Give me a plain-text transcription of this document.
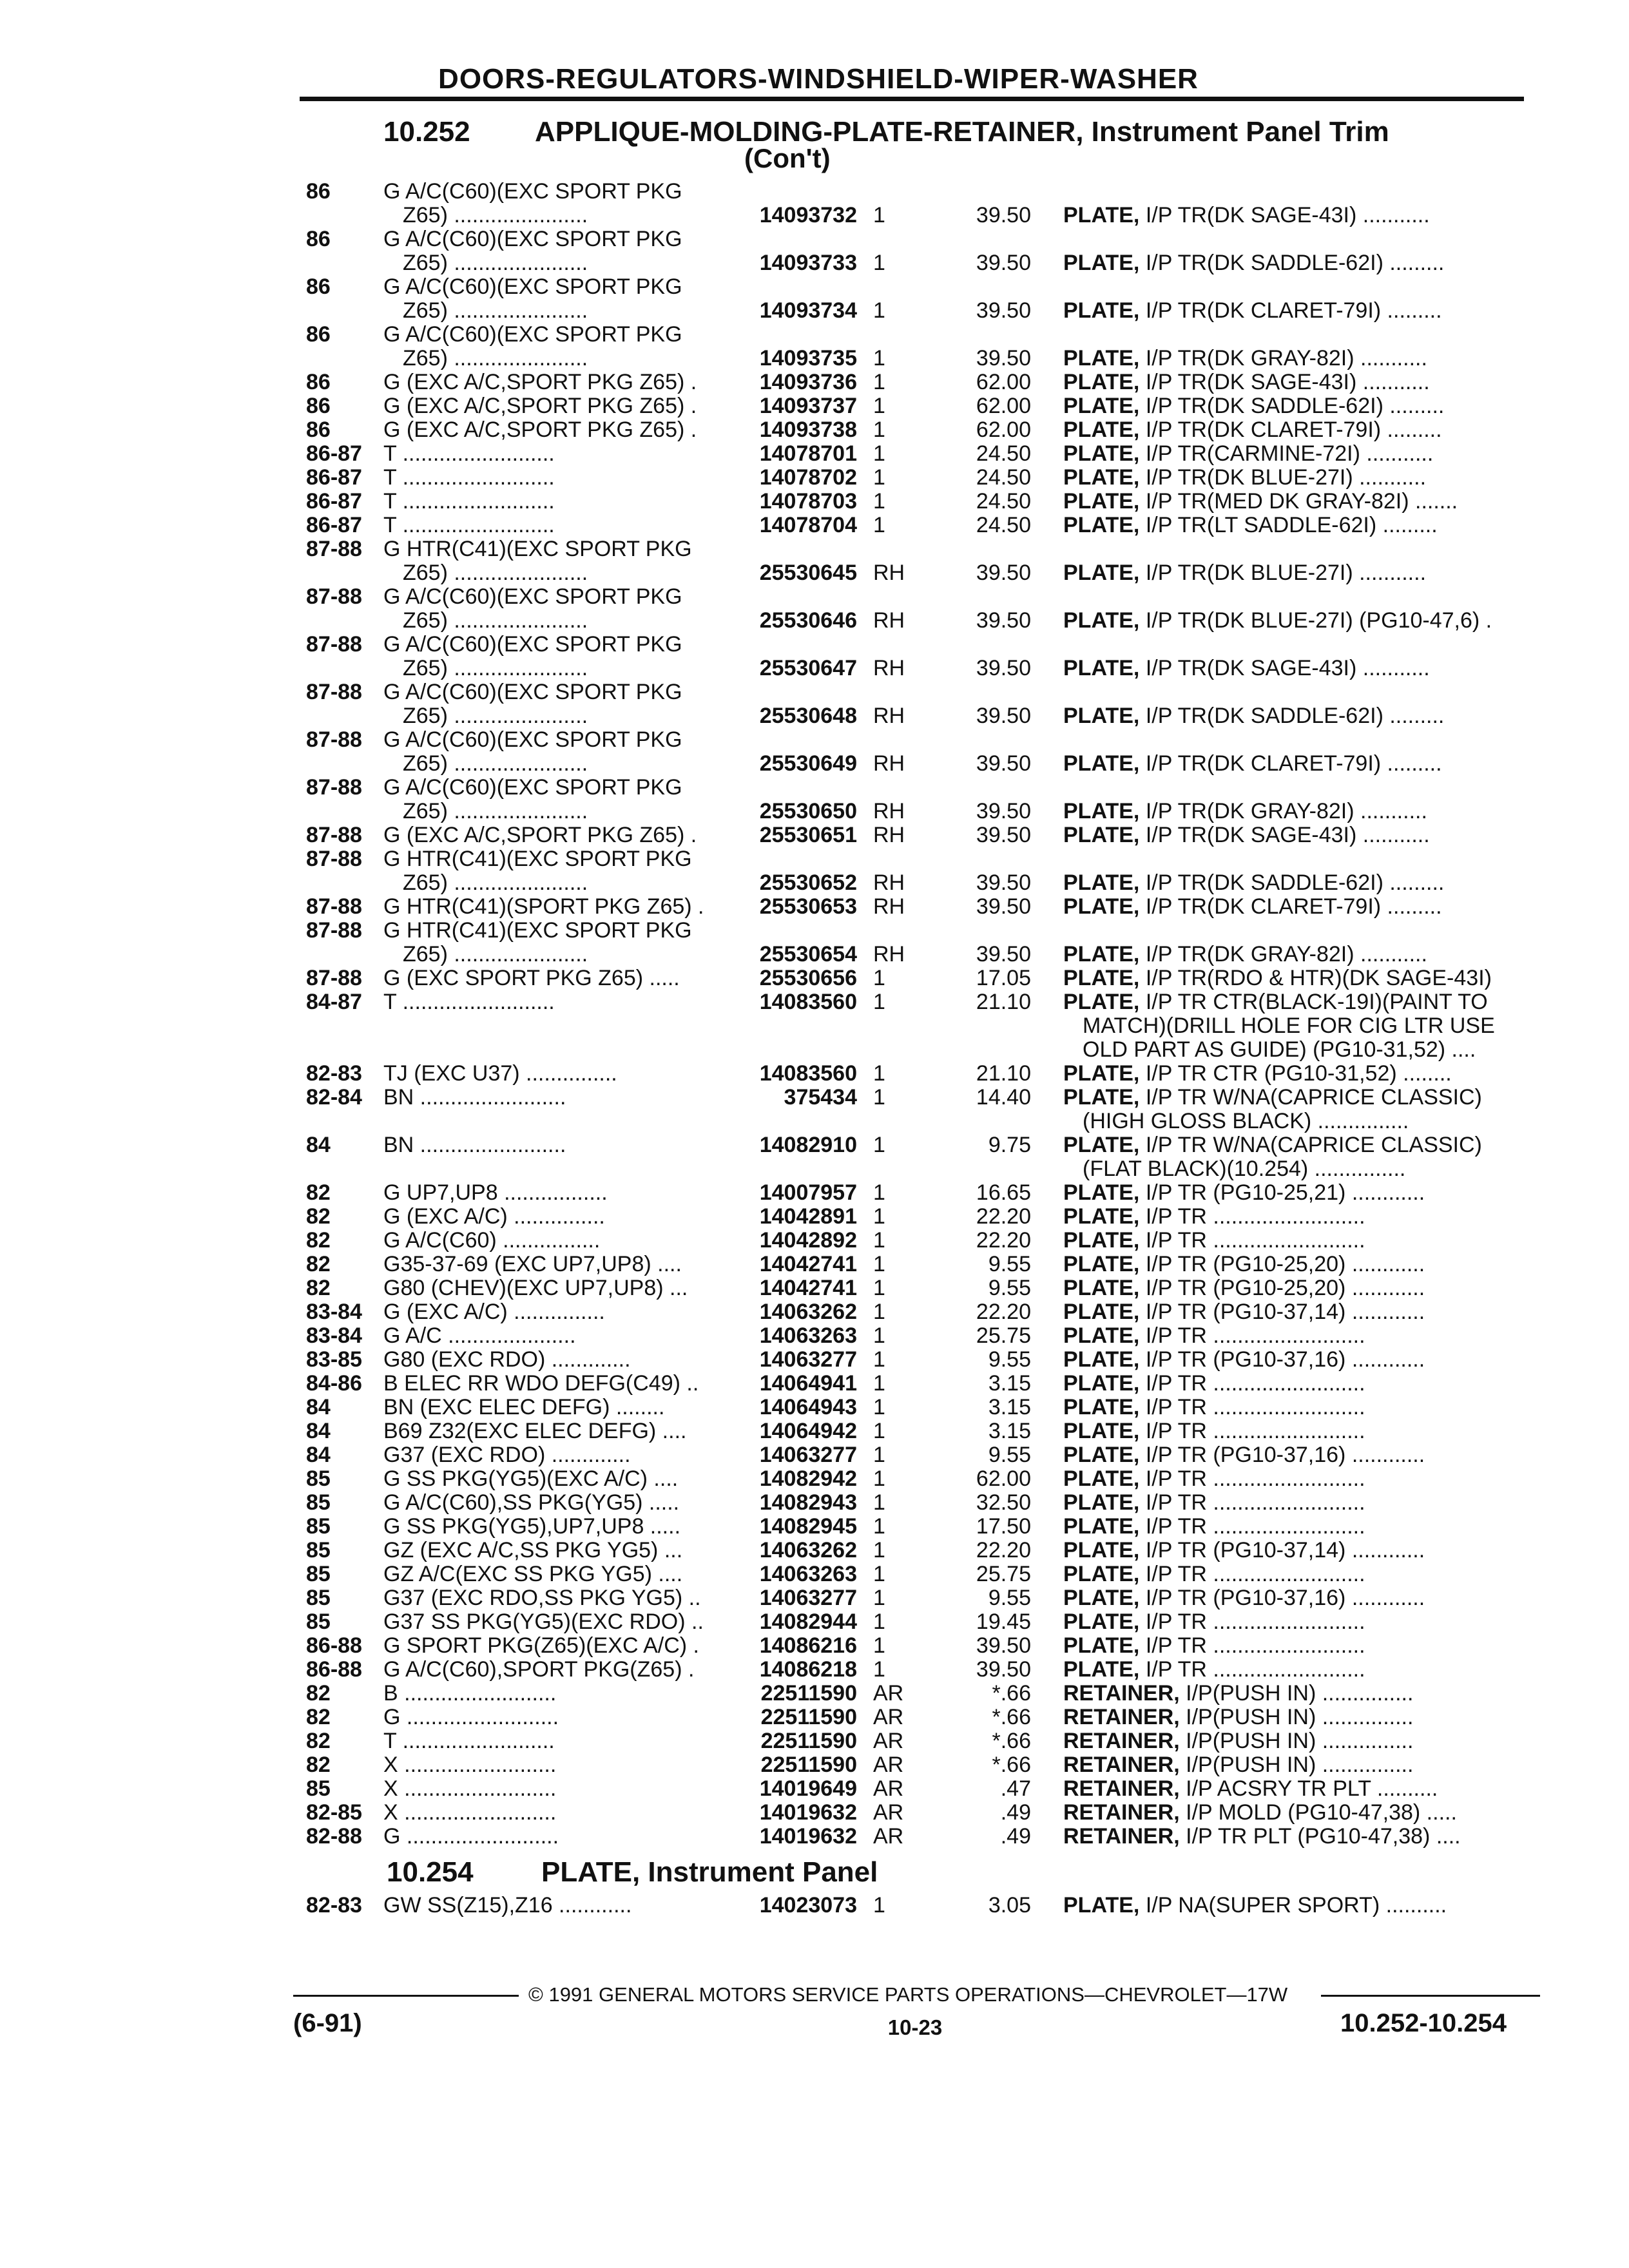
DOORS-REGULATORS-WINDSHIELD-WIPER-WASHER
10.252 APPLIQUE-MOLDING-PLATE-RETAINER, Instrument Panel Trim
(Con't)
86 G A/C(C60)(EXC SPORT PKG
Z65) ......................	14093732 1	39.50 PLATE, I/P TR(DK SAGE-43I) ...........
86 G A/C(C60)(EXC SPORT PKG
Z65) ......................	14093733 1	39.50 PLATE, I/P TR(DK SADDLE-62I) .........
86 G A/C(C60)(EXC SPORT PKG
Z65) ......................	14093734 1	39.50 PLATE, I/P TR(DK CLARET-79I) .........
86 G A/C(C60)(EXC SPORT PKG
Z65) ......................	14093735 1	39.50 PLATE, I/P TR(DK GRAY-82I) ...........
86 G (EXC A/C,SPORT PKG Z65) .	14093736 1	62.00 PLATE, I/P TR(DK SAGE-43I) ...........
86 G (EXC A/C,SPORT PKG Z65) .	14093737 1	62.00 PLATE, I/P TR(DK SADDLE-62I) .........
86 G (EXC A/C,SPORT PKG Z65) .	14093738 1	62.00 PLATE, I/P TR(DK CLARET-79I) .........
86-87 T .........................	14078701 1	24.50 PLATE, I/P TR(CARMINE-72I) ...........
86-87 T .........................	14078702 1	24.50 PLATE, I/P TR(DK BLUE-27I) ...........
86-87 T .........................	14078703 1	24.50 PLATE, I/P TR(MED DK GRAY-82I) .......
86-87 T .........................	14078704 1	24.50 PLATE, I/P TR(LT SADDLE-62I) .........
87-88 G HTR(C41)(EXC SPORT PKG
Z65) ......................	25530645 RH	39.50 PLATE, I/P TR(DK BLUE-27I) ...........
87-88 G A/C(C60)(EXC SPORT PKG
Z65) ......................	25530646 RH	39.50 PLATE, I/P TR(DK BLUE-27I) (PG10-47,6) .
87-88 G A/C(C60)(EXC SPORT PKG
Z65) ......................	25530647 RH	39.50 PLATE, I/P TR(DK SAGE-43I) ...........
87-88 G A/C(C60)(EXC SPORT PKG
Z65) ......................	25530648 RH	39.50 PLATE, I/P TR(DK SADDLE-62I) .........
87-88 G A/C(C60)(EXC SPORT PKG
Z65) ......................	25530649 RH	39.50 PLATE, I/P TR(DK CLARET-79I) .........
87-88 G A/C(C60)(EXC SPORT PKG
Z65) ......................	25530650 RH	39.50 PLATE, I/P TR(DK GRAY-82I) ...........
87-88 G (EXC A/C,SPORT PKG Z65) .	25530651 RH	39.50 PLATE, I/P TR(DK SAGE-43I) ...........
87-88 G HTR(C41)(EXC SPORT PKG
Z65) ......................	25530652 RH	39.50 PLATE, I/P TR(DK SADDLE-62I) .........
87-88 G HTR(C41)(SPORT PKG Z65) .	25530653 RH	39.50 PLATE, I/P TR(DK CLARET-79I) .........
87-88 G HTR(C41)(EXC SPORT PKG
Z65) ......................	25530654 RH	39.50 PLATE, I/P TR(DK GRAY-82I) ...........
87-88 G (EXC SPORT PKG Z65) .....	25530656 1	17.05 PLATE, I/P TR(RDO & HTR)(DK SAGE-43I)
84-87 T .........................	14083560 1	21.10 PLATE, I/P TR CTR(BLACK-19I)(PAINT TO
MATCH)(DRILL HOLE FOR CIG LTR USE
OLD PART AS GUIDE) (PG10-31,52) ....
82-83 TJ (EXC U37) ...............	14083560 1	21.10 PLATE, I/P TR CTR (PG10-31,52) ........
82-84 BN ........................	375434 1	14.40 PLATE, I/P TR W/NA(CAPRICE CLASSIC)
(HIGH GLOSS BLACK) ...............
84 BN ........................	14082910 1	9.75 PLATE, I/P TR W/NA(CAPRICE CLASSIC)
(FLAT BLACK)(10.254) ...............
82 G UP7,UP8 .................	14007957 1	16.65 PLATE, I/P TR (PG10-25,21) ............
82 G (EXC A/C) ...............	14042891 1	22.20 PLATE, I/P TR .........................
82 G A/C(C60) ................	14042892 1	22.20 PLATE, I/P TR .........................
82 G35-37-69 (EXC UP7,UP8) ....	14042741 1	9.55 PLATE, I/P TR (PG10-25,20) ............
82 G80 (CHEV)(EXC UP7,UP8) ...	14042741 1	9.55 PLATE, I/P TR (PG10-25,20) ............
83-84 G (EXC A/C) ...............	14063262 1	22.20 PLATE, I/P TR (PG10-37,14) ............
83-84 G A/C .....................	14063263 1	25.75 PLATE, I/P TR .........................
83-85 G80 (EXC RDO) .............	14063277 1	9.55 PLATE, I/P TR (PG10-37,16) ............
84-86 B ELEC RR WDO DEFG(C49) ..	14064941 1	3.15 PLATE, I/P TR .........................
84 BN (EXC ELEC DEFG) ........	14064943 1	3.15 PLATE, I/P TR .........................
84 B69 Z32(EXC ELEC DEFG) ....	14064942 1	3.15 PLATE, I/P TR .........................
84 G37 (EXC RDO) .............	14063277 1	9.55 PLATE, I/P TR (PG10-37,16) ............
85 G SS PKG(YG5)(EXC A/C) ....	14082942 1	62.00 PLATE, I/P TR .........................
85 G A/C(C60),SS PKG(YG5) .....	14082943 1	32.50 PLATE, I/P TR .........................
85 G SS PKG(YG5),UP7,UP8 .....	14082945 1	17.50 PLATE, I/P TR .........................
85 GZ (EXC A/C,SS PKG YG5) ...	14063262 1	22.20 PLATE, I/P TR (PG10-37,14) ............
85 GZ A/C(EXC SS PKG YG5) ....	14063263 1	25.75 PLATE, I/P TR .........................
85 G37 (EXC RDO,SS PKG YG5) ..	14063277 1	9.55 PLATE, I/P TR (PG10-37,16) ............
85 G37 SS PKG(YG5)(EXC RDO) ..	14082944 1	19.45 PLATE, I/P TR .........................
86-88 G SPORT PKG(Z65)(EXC A/C) .	14086216 1	39.50 PLATE, I/P TR .........................
86-88 G A/C(C60),SPORT PKG(Z65) .	14086218 1	39.50 PLATE, I/P TR .........................
82 B .........................	22511590 AR	*.66 RETAINER, I/P(PUSH IN) ...............
82 G .........................	22511590 AR	*.66 RETAINER, I/P(PUSH IN) ...............
82 T .........................	22511590 AR	*.66 RETAINER, I/P(PUSH IN) ...............
82 X .........................	22511590 AR	*.66 RETAINER, I/P(PUSH IN) ...............
85 X .........................	14019649 AR	.47 RETAINER, I/P ACSRY TR PLT ..........
82-85 X .........................	14019632 AR	.49 RETAINER, I/P MOLD (PG10-47,38) .....
82-88 G .........................	14019632 AR	.49 RETAINER, I/P TR PLT (PG10-47,38) ....
10.254 PLATE, Instrument Panel
82-83 GW SS(Z15),Z16 ............	14023073 1	3.05 PLATE, I/P NA(SUPER SPORT) ..........
© 1991 GENERAL MOTORS SERVICE PARTS OPERATIONS—CHEVROLET—17W
(6-91)	10-23	10.252-10.254
